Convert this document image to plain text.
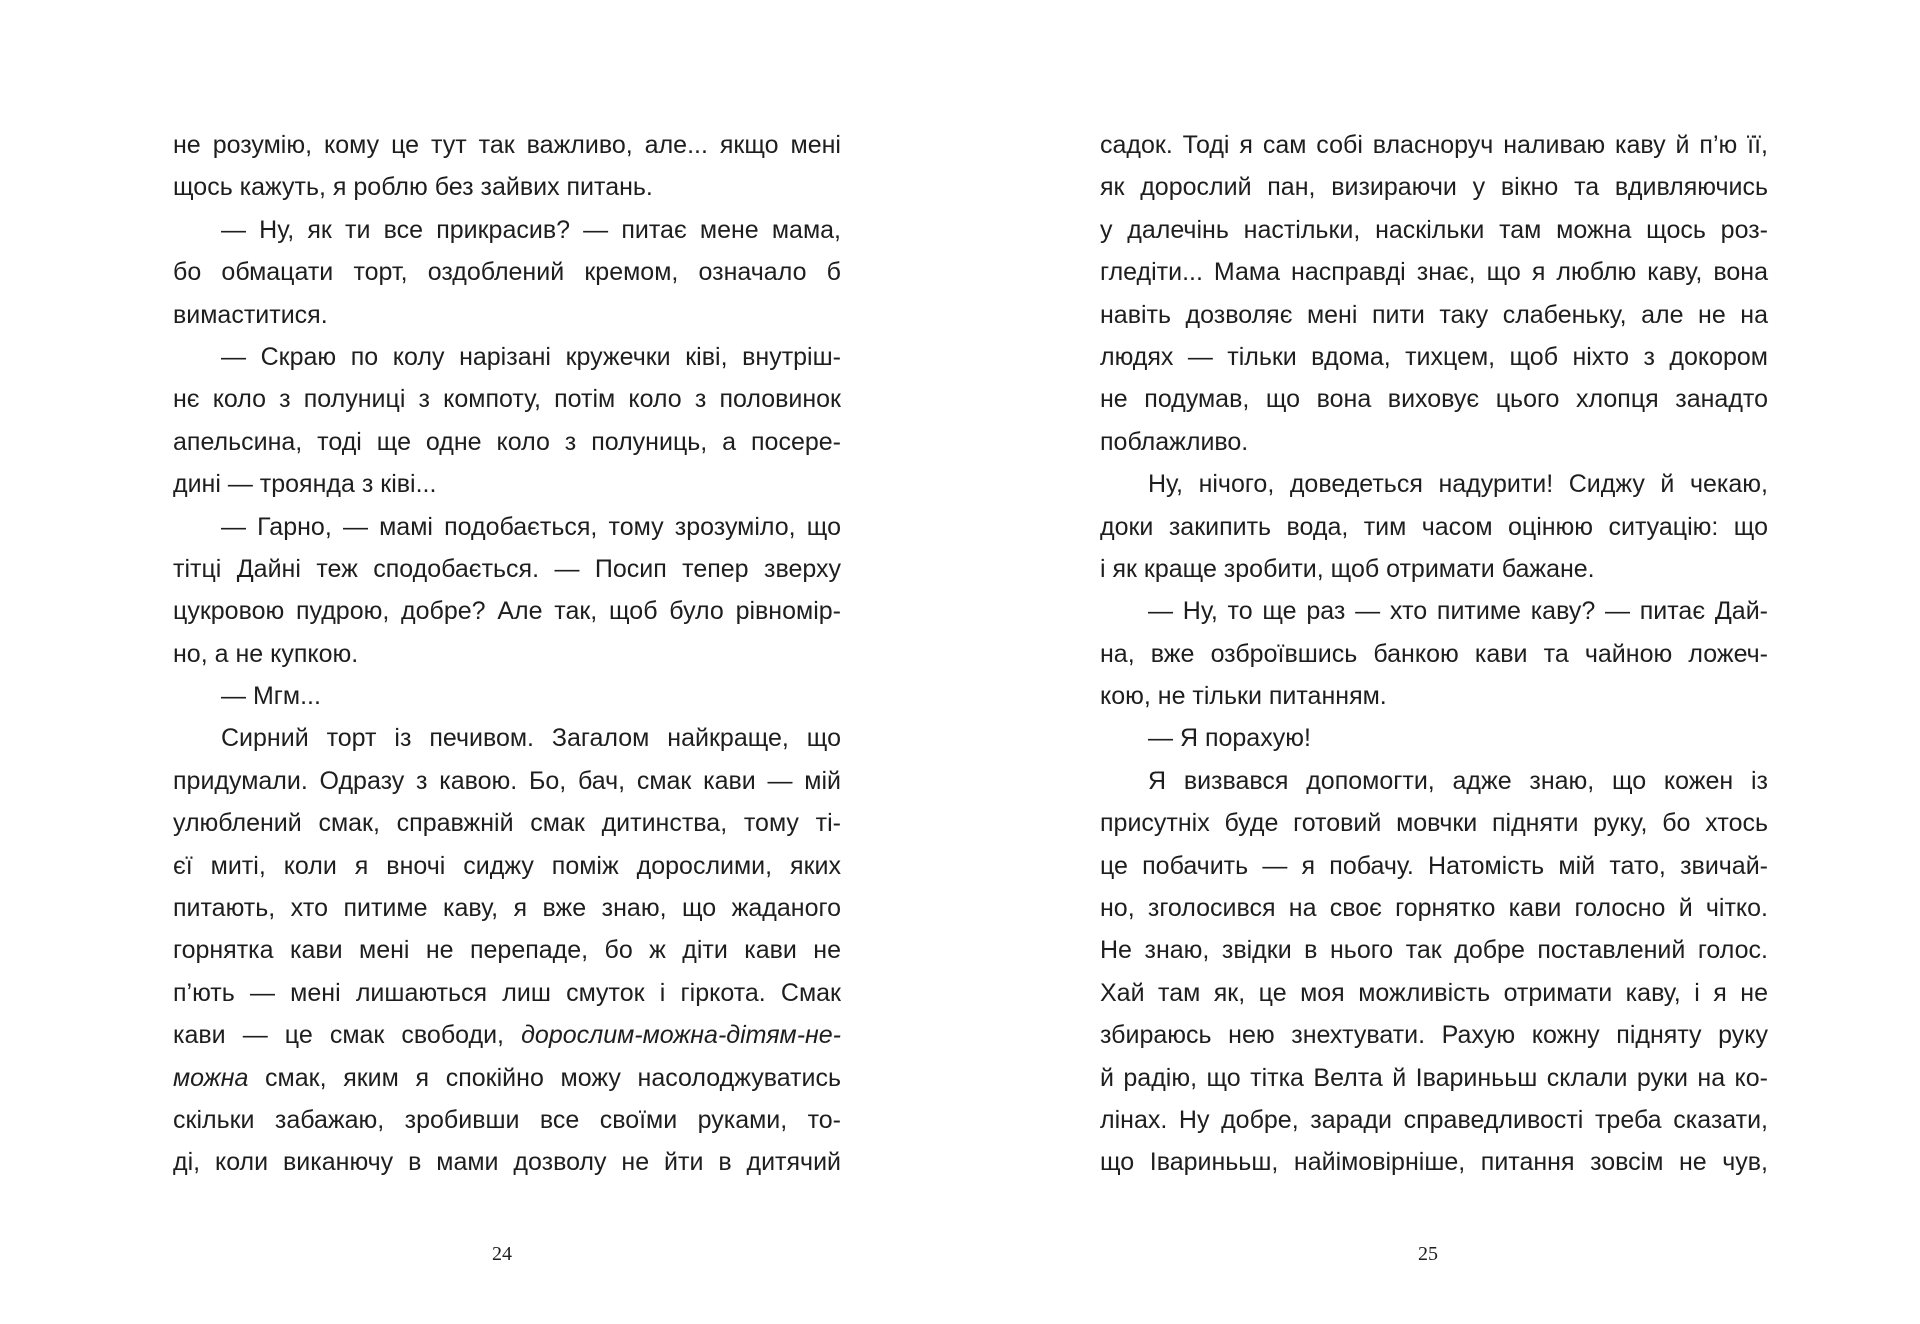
не розумію, кому це тут так важливо, але... якщо мені
щось кажуть, я роблю без зайвих питань.
— Ну, як ти все прикрасив? — питає мене мама,
бо обмацати торт, оздоблений кремом, означало б
вимаститися.
— Скраю по колу нарізані кружечки ківі, внутріш-
нє коло з полуниці з компоту, потім коло з половинок
апельсина, тоді ще одне коло з полуниць, а посере-
дині — троянда з ківі...
— Гарно, — мамі подобається, тому зрозуміло, що
тітці Дайні теж сподобається. — Посип тепер зверху
цукровою пудрою, добре? Але так, щоб було рівномір-
но, а не купкою.
— Мгм...
Сирний торт із печивом. Загалом найкраще, що
придумали. Одразу з кавою. Бо, бач, смак кави — мій
улюблений смак, справжній смак дитинства, тому ті-
єї миті, коли я вночі сиджу поміж дорослими, яких
питають, хто питиме каву, я вже знаю, що жаданого
горнятка кави мені не перепаде, бо ж діти кави не
п’ють — мені лишаються лиш смуток і гіркота. Смак
кави — це смак свободи, дорослим-можна-дітям-не-
можна смак, яким я спокійно можу насолоджуватись
скільки забажаю, зробивши все своїми руками, то-
ді, коли виканючу в мами дозволу не йти в дитячий
24
садок. Тоді я сам собі власноруч наливаю каву й п’ю її,
як дорослий пан, визираючи у вікно та вдивляючись
у далечінь настільки, наскільки там можна щось роз-
гледіти... Мама насправді знає, що я люблю каву, вона
навіть дозволяє мені пити таку слабеньку, але не на
людях — тільки вдома, тихцем, щоб ніхто з докором
не подумав, що вона виховує цього хлопця занадто
поблажливо.
Ну, нічого, доведеться надурити! Сиджу й чекаю,
доки закипить вода, тим часом оцінюю ситуацію: що
і як краще зробити, щоб отримати бажане.
— Ну, то ще раз — хто питиме каву? — питає Дай-
на, вже озброївшись банкою кави та чайною ложеч-
кою, не тільки питанням.
— Я порахую!
Я визвався допомогти, адже знаю, що кожен із
присутніх буде готовий мовчки підняти руку, бо хтось
це побачить — я побачу. Натомість мій тато, звичай-
но, зголосився на своє горнятко кави голосно й чітко.
Не знаю, звідки в нього так добре поставлений голос.
Хай там як, це моя можливість отримати каву, і я не
збираюсь нею знехтувати. Рахую кожну підняту руку
й радію, що тітка Велта й Іваринььш склали руки на ко-
лінах. Ну добре, заради справедливості треба сказати,
що Іваринььш, найімовірніше, питання зовсім не чув,
25
